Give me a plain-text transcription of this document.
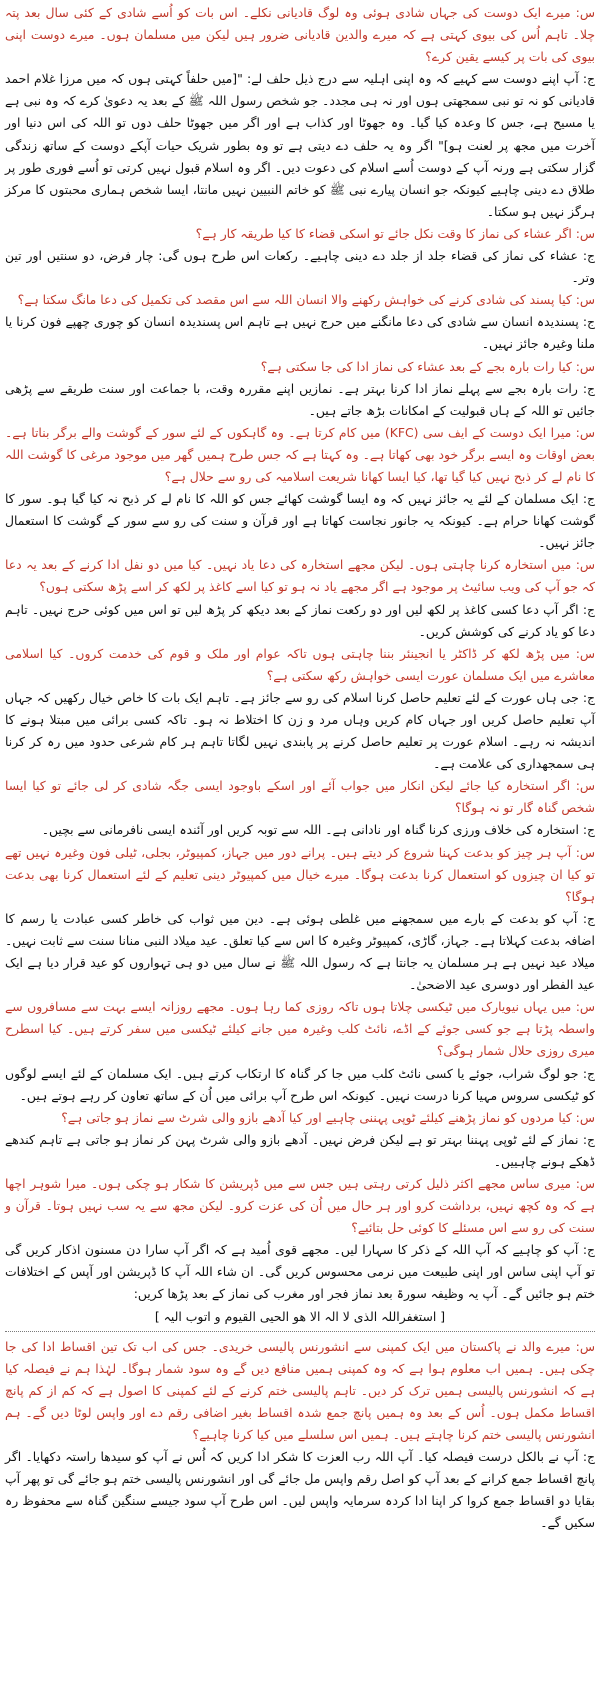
س: میرے ایک دوست کی جہاں شادی ہوئی وہ لوگ قادیانی نکلے۔ اس بات کو اُسے شادی کے کئی سال بعد پتہ چلا۔ تاہم اُس کی بیوی کہتی ہے کہ میرے والدین قادیانی ضرور ہیں لیکن میں مسلمان ہوں۔ میرے دوست اپنی بیوی کی بات پر کیسے یقین کرے؟
ج: آپ اپنے دوست سے کہیے کہ وہ اپنی اہلیہ سے درج ذیل حلف لے: "[میں حلفاً کہتی ہوں کہ میں مرزا غلام احمد قادیانی کو نہ تو نبی سمجھتی ہوں اور نہ ہی مجدد۔ جو شخص رسول اللہ ﷺ کے بعد یہ دعویٰ کرے کہ وہ نبی ہے یا مسیح ہے، جس کا وعدہ کیا گیا۔ وہ جھوٹا اور کذاب ہے اور اگر میں جھوٹا حلف دوں تو اللہ کی اس دنیا اور آخرت میں مجھ پر لعنت ہو]" اگر وہ یہ حلف دے دیتی ہے تو وہ بطور شریک حیات آپکے دوست کے ساتھ زندگی گزار سکتی ہے ورنہ آپ کے دوست اُسے اسلام کی دعوت دیں۔ اگر وہ اسلام قبول نہیں کرتی تو اُسے فوری طور پر طلاق دے دینی چاہیے کیونکہ جو انسان پیارے نبی ﷺ کو خاتم النبیین نہیں مانتا، ایسا شخص ہماری محبتوں کا مرکز ہرگز نہیں ہو سکتا۔
س: اگر عشاء کی نماز کا وقت نکل جائے تو اسکی قضاء کا کیا طریقہ کار ہے؟
ج: عشاء کی نماز کی قضاء جلد از جلد دے دینی چاہیے۔ رکعات اس طرح ہوں گی: چار فرض، دو سنتیں اور تین وتر۔
س: کیا پسند کی شادی کرنے کی خواہش رکھنے والا انسان اللہ سے اس مقصد کی تکمیل کی دعا مانگ سکتا ہے؟
ج: پسندیدہ انسان سے شادی کی دعا مانگنے میں حرج نہیں ہے تاہم اس پسندیدہ انسان کو چوری چھپے فون کرنا یا ملنا وغیرہ جائز نہیں۔
س: کیا رات بارہ بجے کے بعد عشاء کی نماز ادا کی جا سکتی ہے؟
ج: رات بارہ بجے سے پہلے نماز ادا کرنا بہتر ہے۔ نمازیں اپنے مقررہ وقت، با جماعت اور سنت طریقے سے پڑھی جائیں تو اللہ کے ہاں قبولیت کے امکانات بڑھ جاتے ہیں۔
س: میرا ایک دوست کے ایف سی (KFC) میں کام کرتا ہے۔ وہ گاہکوں کے لئے سور کے گوشت والے برگر بناتا ہے۔ بعض اوقات وہ ایسے برگر خود بھی کھاتا ہے۔ وہ کہتا ہے کہ جس طرح ہمیں گھر میں موجود مرغی کا گوشت اللہ کا نام لے کر ذبح نہیں کیا گیا تھا، کیا ایسا کھانا شریعت اسلامیہ کی رو سے حلال ہے؟
ج: ایک مسلمان کے لئے یہ جائز نہیں کہ وہ ایسا گوشت کھائے جس کو اللہ کا نام لے کر ذبح نہ کیا گیا ہو۔ سور کا گوشت کھانا حرام ہے۔ کیونکہ یہ جانور نجاست کھاتا ہے اور قرآن و سنت کی رو سے سور کے گوشت کا استعمال جائز نہیں۔
س: میں استخارہ کرنا چاہتی ہوں۔ لیکن مجھے استخارہ کی دعا یاد نہیں۔ کیا میں دو نفل ادا کرنے کے بعد یہ دعا کہ جو آپ کی ویب سائیٹ پر موجود ہے اگر مجھے یاد نہ ہو تو کیا اسے کاغذ پر لکھ کر اسے پڑھ سکتی ہوں؟
ج: اگر آپ دعا کسی کاغذ پر لکھ لیں اور دو رکعت نماز کے بعد دیکھ کر پڑھ لیں تو اس میں کوئی حرج نہیں۔ تاہم دعا کو یاد کرنے کی کوشش کریں۔
س: میں پڑھ لکھ کر ڈاکٹر یا انجینئر بننا چاہتی ہوں تاکہ عوام اور ملک و قوم کی خدمت کروں۔ کیا اسلامی معاشرے میں ایک مسلمان عورت ایسی خواہش رکھ سکتی ہے؟
ج: جی ہاں عورت کے لئے تعلیم حاصل کرنا اسلام کی رو سے جائز ہے۔ تاہم ایک بات کا خاص خیال رکھیں کہ جہاں آپ تعلیم حاصل کریں اور جہاں کام کریں وہاں مرد و زن کا اختلاط نہ ہو۔ تاکہ کسی برائی میں مبتلا ہونے کا اندیشہ نہ رہے۔ اسلام عورت پر تعلیم حاصل کرنے پر پابندی نہیں لگاتا تاہم ہر کام شرعی حدود میں رہ کر کرنا ہی سمجھداری کی علامت ہے۔
س: اگر استخارہ کیا جائے لیکن انکار میں جواب آئے اور اسکے باوجود ایسی جگہ شادی کر لی جائے تو کیا ایسا شخص گناہ گار تو نہ ہوگا؟
ج: استخارہ کی خلاف ورزی کرنا گناہ اور نادانی ہے۔ اللہ سے توبہ کریں اور آئندہ ایسی نافرمانی سے بچیں۔
س: آپ ہر چیز کو بدعت کہنا شروع کر دیتے ہیں۔ پرانے دور میں جہاز، کمپیوٹر، بجلی، ٹیلی فون وغیرہ نہیں تھے تو کیا ان چیزوں کو استعمال کرنا بدعت ہوگا۔ میرے خیال میں کمپیوٹر دینی تعلیم کے لئے استعمال کرنا بھی بدعت ہوگا؟
ج: آپ کو بدعت کے بارے میں سمجھنے میں غلطی ہوئی ہے۔ دین میں ثواب کی خاطر کسی عبادت یا رسم کا اضافہ بدعت کہلاتا ہے۔ جہاز، گاڑی، کمپیوٹر وغیرہ کا اس سے کیا تعلق۔ عید میلاد النبی منانا سنت سے ثابت نہیں۔ میلاد عید نہیں ہے ہر مسلمان یہ جانتا ہے کہ رسول اللہ ﷺ نے سال میں دو ہی تہواروں کو عید قرار دیا ہے ایک عید الفطر اور دوسری عید الاضحیٰ۔
س: میں یہاں نیویارک میں ٹیکسی چلاتا ہوں تاکہ روزی کما رہا ہوں۔ مجھے روزانہ ایسے بہت سے مسافروں سے واسطہ پڑتا ہے جو کسی جوئے کے اڈے، نائٹ کلب وغیرہ میں جانے کیلئے ٹیکسی میں سفر کرتے ہیں۔ کیا اسطرح میری روزی حلال شمار ہوگی؟
ج: جو لوگ شراب، جوئے یا کسی نائٹ کلب میں جا کر گناہ کا ارتکاب کرتے ہیں۔ ایک مسلمان کے لئے ایسے لوگوں کو ٹیکسی سروس مہیا کرنا درست نہیں۔ کیونکہ اس طرح آپ برائی میں اُن کے ساتھ تعاون کر رہے ہوتے ہیں۔
س: کیا مردوں کو نماز پڑھنے کیلئے ٹوپی پہننی چاہیے اور کیا آدھے بازو والی شرٹ سے نماز ہو جاتی ہے؟
ج: نماز کے لئے ٹوپی پہننا بہتر تو ہے لیکن فرض نہیں۔ آدھے بازو والی شرٹ پہن کر نماز ہو جاتی ہے تاہم کندھے ڈھکے ہونے چاہییں۔
س: میری ساس مجھے اکثر ذلیل کرتی رہتی ہیں جس سے میں ڈپریشن کا شکار ہو چکی ہوں۔ میرا شوہر اچھا ہے کہ وہ کچھ نہیں، برداشت کرو اور ہر حال میں اُن کی عزت کرو۔ لیکن مجھ سے یہ سب نہیں ہوتا۔ قرآن و سنت کی رو سے اس مسئلے کا کوئی حل بتائیے؟
ج: آپ کو چاہیے کہ آپ اللہ کے ذکر کا سہارا لیں۔ مجھے قوی اُمید ہے کہ اگر آپ سارا دن مسنون اذکار کریں گی تو آپ اپنی ساس اور اپنی طبیعت میں نرمی محسوس کریں گی۔ ان شاء اللہ آپ کا ڈپریشن اور آپس کے اختلافات ختم ہو جائیں گے۔ آپ یہ وظیفہ سورۃ بعد نماز فجر اور مغرب کی نماز کے بعد پڑھا کریں:
[ استغفراللہ الذی لا الہ الا ھو الحیی القیوم و اتوب الیہ ]
س: میرے والد نے پاکستان میں ایک کمپنی سے انشورنس پالیسی خریدی۔ جس کی اب تک تین اقساط ادا کی جا چکی ہیں۔ ہمیں اب معلوم ہوا ہے کہ وہ کمپنی ہمیں منافع دیں گے وہ سود شمار ہوگا۔ لہٰذا ہم نے فیصلہ کیا ہے کہ انشورنس پالیسی ہمیں ترک کر دیں۔ تاہم پالیسی ختم کرنے کے لئے کمپنی کا اصول ہے کہ کم از کم پانچ اقساط مکمل ہوں۔ اُس کے بعد وہ ہمیں پانچ جمع شدہ اقساط بغیر اضافی رقم دے اور واپس لوٹا دیں گے۔ ہم انشورنس پالیسی ختم کرنا چاہتے ہیں۔ ہمیں اس سلسلے میں کیا کرنا چاہیے؟
ج: آپ نے بالکل درست فیصلہ کیا۔ آپ اللہ رب العزت کا شکر ادا کریں کہ اُس نے آپ کو سیدھا راستہ دکھایا۔ اگر پانچ اقساط جمع کرانے کے بعد آپ کو اصل رقم واپس مل جائے گی اور انشورنس پالیسی ختم ہو جائے گی تو پھر آپ بقایا دو اقساط جمع کروا کر اپنا ادا کردہ سرمایہ واپس لیں۔ اس طرح آپ سود جیسے سنگین گناہ سے محفوظ رہ سکیں گے۔
